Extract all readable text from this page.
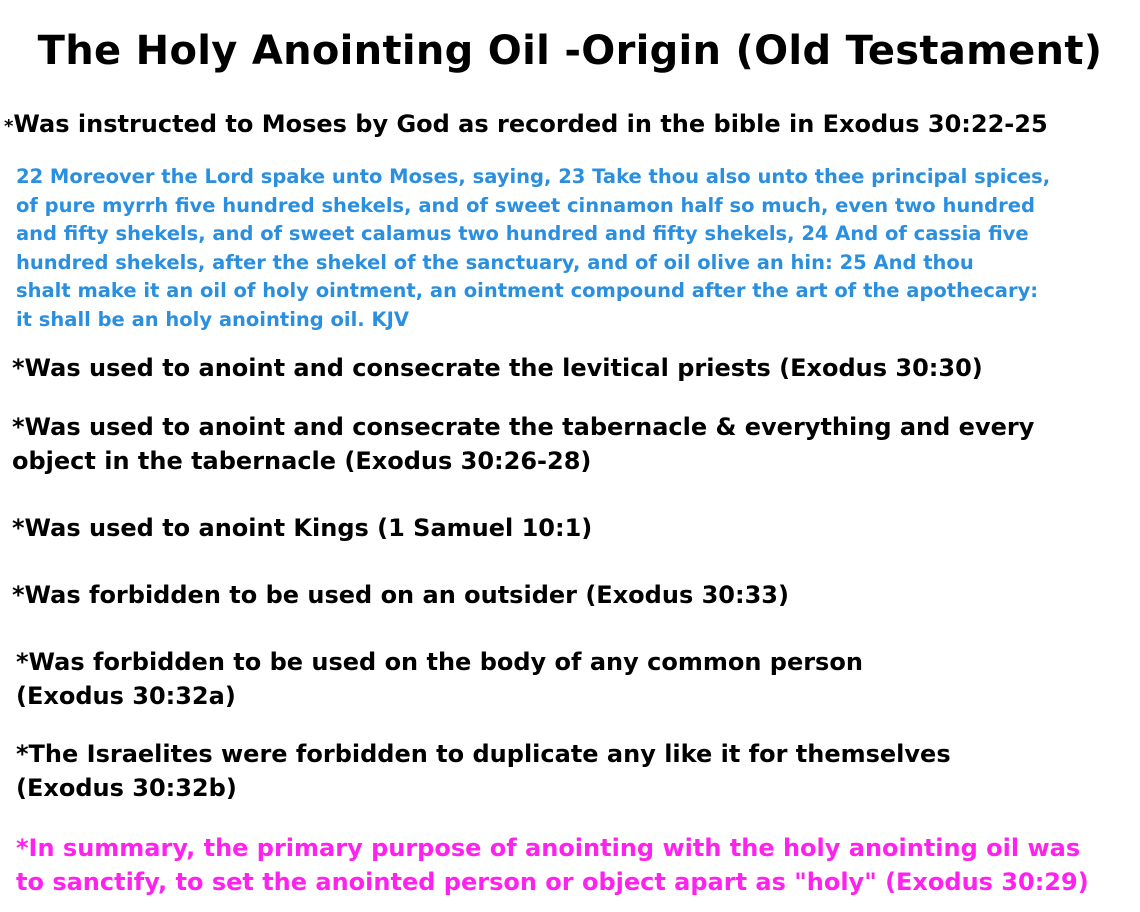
The Holy Anointing Oil -Origin (Old Testament)
*Was instructed to Moses by God as recorded in the bible in Exodus 30:22-25
22 Moreover the Lord spake unto Moses, saying, 23 Take thou also unto thee principal spices,
of pure myrrh five hundred shekels, and of sweet cinnamon half so much, even two hundred
and fifty shekels, and of sweet calamus two hundred and fifty shekels, 24 And of cassia five
hundred shekels, after the shekel of the sanctuary, and of oil olive an hin: 25 And thou
shalt make it an oil of holy ointment, an ointment compound after the art of the apothecary:
it shall be an holy anointing oil. KJV
*Was used to anoint and consecrate the levitical priests (Exodus 30:30)
*Was used to anoint and consecrate the tabernacle & everything and every
object in the tabernacle (Exodus 30:26-28)
*Was used to anoint Kings (1 Samuel 10:1)
*Was forbidden to be used on an outsider (Exodus 30:33)
*Was forbidden to be used on the body of any common person
(Exodus 30:32a)
*The Israelites were forbidden to duplicate any like it for themselves
(Exodus 30:32b)
*In summary, the primary purpose of anointing with the holy anointing oil was
to sanctify, to set the anointed person or object apart as "holy" (Exodus 30:29)
